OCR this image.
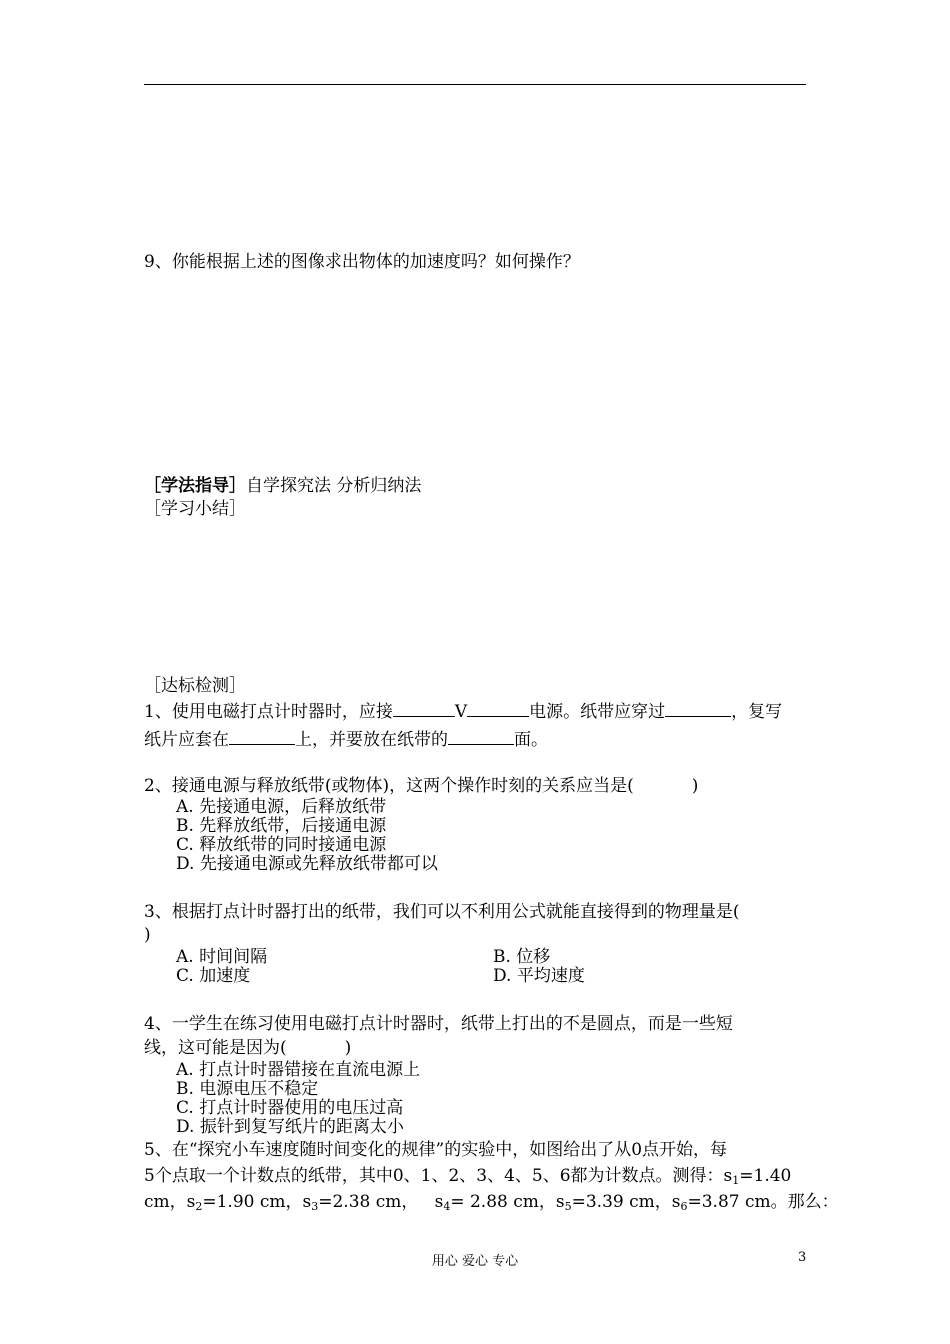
9、你能根据上述的图像求出物体的加速度吗？如何操作？
［学法指导］自学探究法 分析归纳法
［学习小结］
［达标检测］
1、使用电磁打点计时器时，应接	V	电源。纸带应穿过	，复写
纸片应套在	上，并要放在纸带的	面。
2、接通电源与释放纸带(或物体)，这两个操作时刻的关系应当是(	)
A. 先接通电源，后释放纸带
B. 先释放纸带，后接通电源
C. 释放纸带的同时接通电源
D. 先接通电源或先释放纸带都可以
3、根据打点计时器打出的纸带，我们可以不利用公式就能直接得到的物理量是(
)
A. 时间间隔	B. 位移
C. 加速度	D. 平均速度
4、一学生在练习使用电磁打点计时器时，纸带上打出的不是圆点，而是一些短
线，这可能是因为(	)
A. 打点计时器错接在直流电源上
B. 电源电压不稳定
C. 打点计时器使用的电压过高
D. 振针到复写纸片的距离太小
5、在“探究小车速度随时间变化的规律”的实验中，如图给出了从0点开始，每
5个点取一个计数点的纸带，其中0、1、2、3、4、5、6都为计数点。测得：$s_1=1.40$
cm，$s_2=1.90$ cm，$s_3=2.38$ cm，   $s_4= 2.88$ cm，$s_5=3.39$ cm，$s_6=3.87$ cm。那么：
用心 爱心 专心	3
